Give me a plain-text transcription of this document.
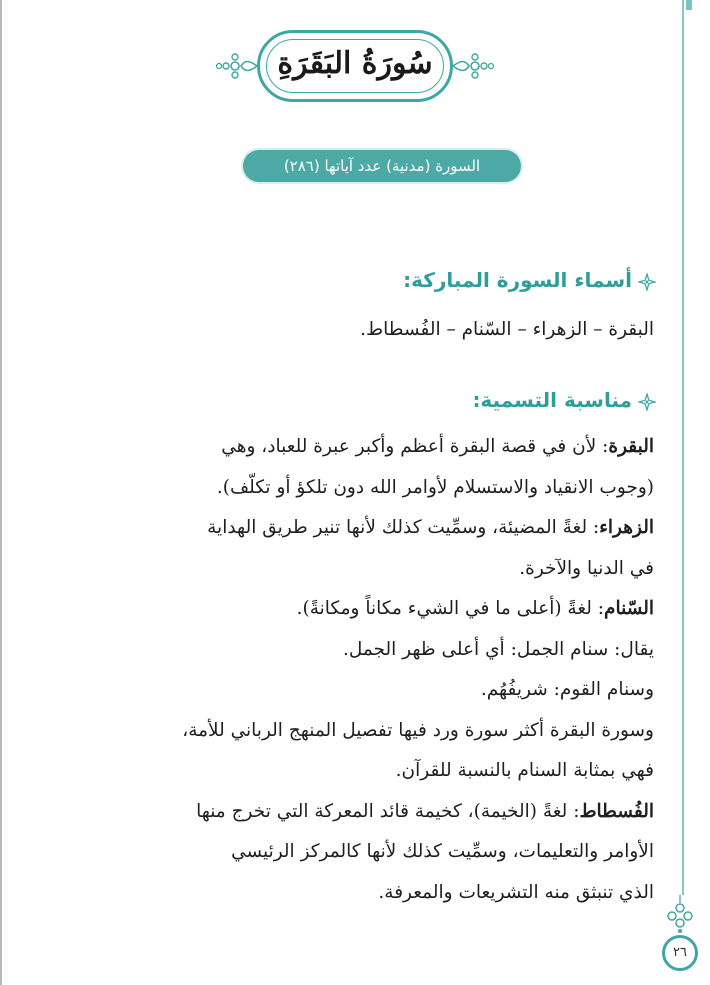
سُورَةُ البَقَرَةِ
السورة (مدنية) عدد آياتها (٢٨٦)
أسماء السورة المباركة:
البقرة – الزهراء – السّنام – الفُسطاط.
مناسبة التسمية:
البقرة: لأن في قصة البقرة أعظم وأكبر عبرة للعباد، وهي
(وجوب الانقياد والاستسلام لأوامر الله دون تلكؤ أو تكلّف).
الزهراء: لغةً المضيئة، وسمِّيت كذلك لأنها تنير طريق الهداية
في الدنيا والآخرة.
السّنام: لغةً (أعلى ما في الشيء مكاناً ومكانةً).
يقال: سنام الجمل: أي أعلى ظهر الجمل.
وسنام القوم: شريفُهُم.
وسورة البقرة أكثر سورة ورد فيها تفصيل المنهج الرباني للأمة،
فهي بمثابة السنام بالنسبة للقرآن.
الفُسطاط: لغةً (الخيمة)، كخيمة قائد المعركة التي تخرج منها
الأوامر والتعليمات، وسمِّيت كذلك لأنها كالمركز الرئيسي
الذي تنبثق منه التشريعات والمعرفة.
٢٦
